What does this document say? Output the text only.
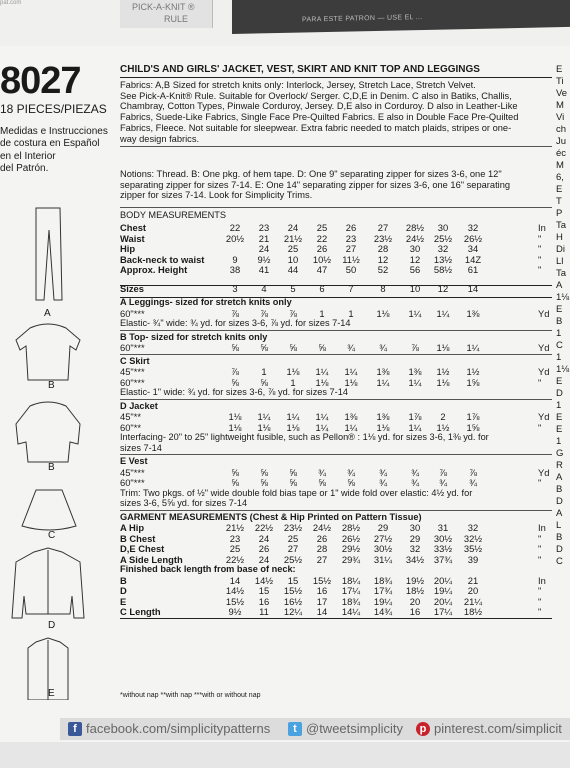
pat.com	PICK-A-KNIT ®
RULE	PARA ESTE PATRON — USE EL ...
8027
18 PIECES/PIEZAS
Medidas e Instrucciones
de costura en Español
en el Interior
del Patrón.
A
B
B
C
D
E
CHILD'S AND GIRLS' JACKET, VEST, SKIRT AND KNIT TOP AND LEGGINGS
Fabrics: A,B Sized for stretch knits only: Interlock, Jersey, Stretch Lace, Stretch Velvet.
See Pick-A-Knit® Rule. Suitable for Overlock/ Serger. C,D,E in Denim. C also in Batiks, Challis,
Chambray, Cotton Types, Pinwale Corduroy, Jersey. D,E also in Corduroy. D also in Leather-Like
Fabrics, Suede-Like Fabrics, Single Face Pre-Quilted Fabrics. E also in Double Face Pre-Quilted
Fabrics, Fleece. Not suitable for sleepwear. Extra fabric needed to match plaids, stripes or one-
way design fabrics.
Notions: Thread. B: One pkg. of hem tape. D: One 9" separating zipper for sizes 3-6, one 12"
separating zipper for sizes 7-14. E: One 14" separating zipper for sizes 3-6, one 16" separating
zipper for sizes 7-14. Look for Simplicity Trims.
BODY MEASUREMENTS
Chest	22	23	24	25	26	27	28½	30	32	In
Waist	20½	21	21½	22	23	23½	24½	25½	26½	"
Hip	24	25	26	27	28	30	32	34	"
Back-neck to waist	9	9½	10	10½	11½	12	12	13½	14Z	"
Approx. Height	38	41	44	47	50	52	56	58½	61	"
Sizes	3	4	5	6	7	8	10	12	14
A Leggings- sized for stretch knits only
60"***	⅞	⅞	⅞	1	1	1⅛	1¼	1¼	1⅜	Yd
Elastic- ¾" wide: ¾ yd. for sizes 3-6, ⅞ yd. for sizes 7-14
B Top- sized for stretch knits only
60"***	⅝	⅝	⅝	⅝	¾	¾	⅞	1⅛	1¼	Yd
C Skirt
45"***	⅞	1	1⅛	1¼	1¼	1⅜	1⅜	1½	1½	Yd
60"***	⅝	⅝	1	1⅛	1⅛	1¼	1¼	1⅛	1⅝	"
Elastic- 1" wide: ¾ yd. for sizes 3-6, ⅞ yd. for sizes 7-14
D Jacket
45"**	1⅛	1¼	1¼	1¼	1⅜	1⅜	1⅞	2	1⅞	Yd
60"**	1⅛	1⅛	1⅛	1¼	1¼	1⅛	1¼	1½	1⅝	"
Interfacing- 20" to 25" lightweight fusible, such as Pellon® : 1⅛ yd. for sizes 3-6, 1⅜ yd. for
sizes 7-14
E Vest
45"***	⅝	⅝	⅝	¾	¾	¾	¾	⅞	⅞	Yd
60"***	⅝	⅝	⅝	⅝	⅝	¾	¾	¾	¾	"
Trim: Two pkgs. of ½" wide double fold bias tape or 1" wide fold over elastic: 4½ yd. for
sizes 3-6, 5⅝ yd. for sizes 7-14
GARMENT MEASUREMENTS (Chest & Hip Printed on Pattern Tissue)
A Hip	21½	22½	23½	24½	28½	29	30	31	32	In
B Chest	23	24	25	26	26½	27½	29	30½	32½	"
D,E Chest	25	26	27	28	29½	30½	32	33½	35½	"
A Side Length	22½	24	25½	27	29¾	31¼	34½	37¾	39	"
Finished back length from base of neck:
B	14	14½	15	15½	18¼	18¾	19½	20¼	21	In
D	14½	15	15½	16	17¼	17¾	18½	19¼	20	"
E	15½	16	16½	17	18¾	19¼	20	20¼	21¼	"
C Length	9½	11	12¼	14	14¼	14¾	16	17¼	18½	"
*without nap **with nap ***with or without nap
E
Ti
Ve
M
Vi
ch
Ju
éc
M
6,
E
T
P
Ta
H
Di
Ll
Ta
A
1⅛
E
B
1
C
1
1⅛
E
D
1
E
E
1
G
R
A
B
D
A
L
B
D
C
f facebook.com/simplicitypatterns	t @tweetsimplicity	p pinterest.com/simplicit
